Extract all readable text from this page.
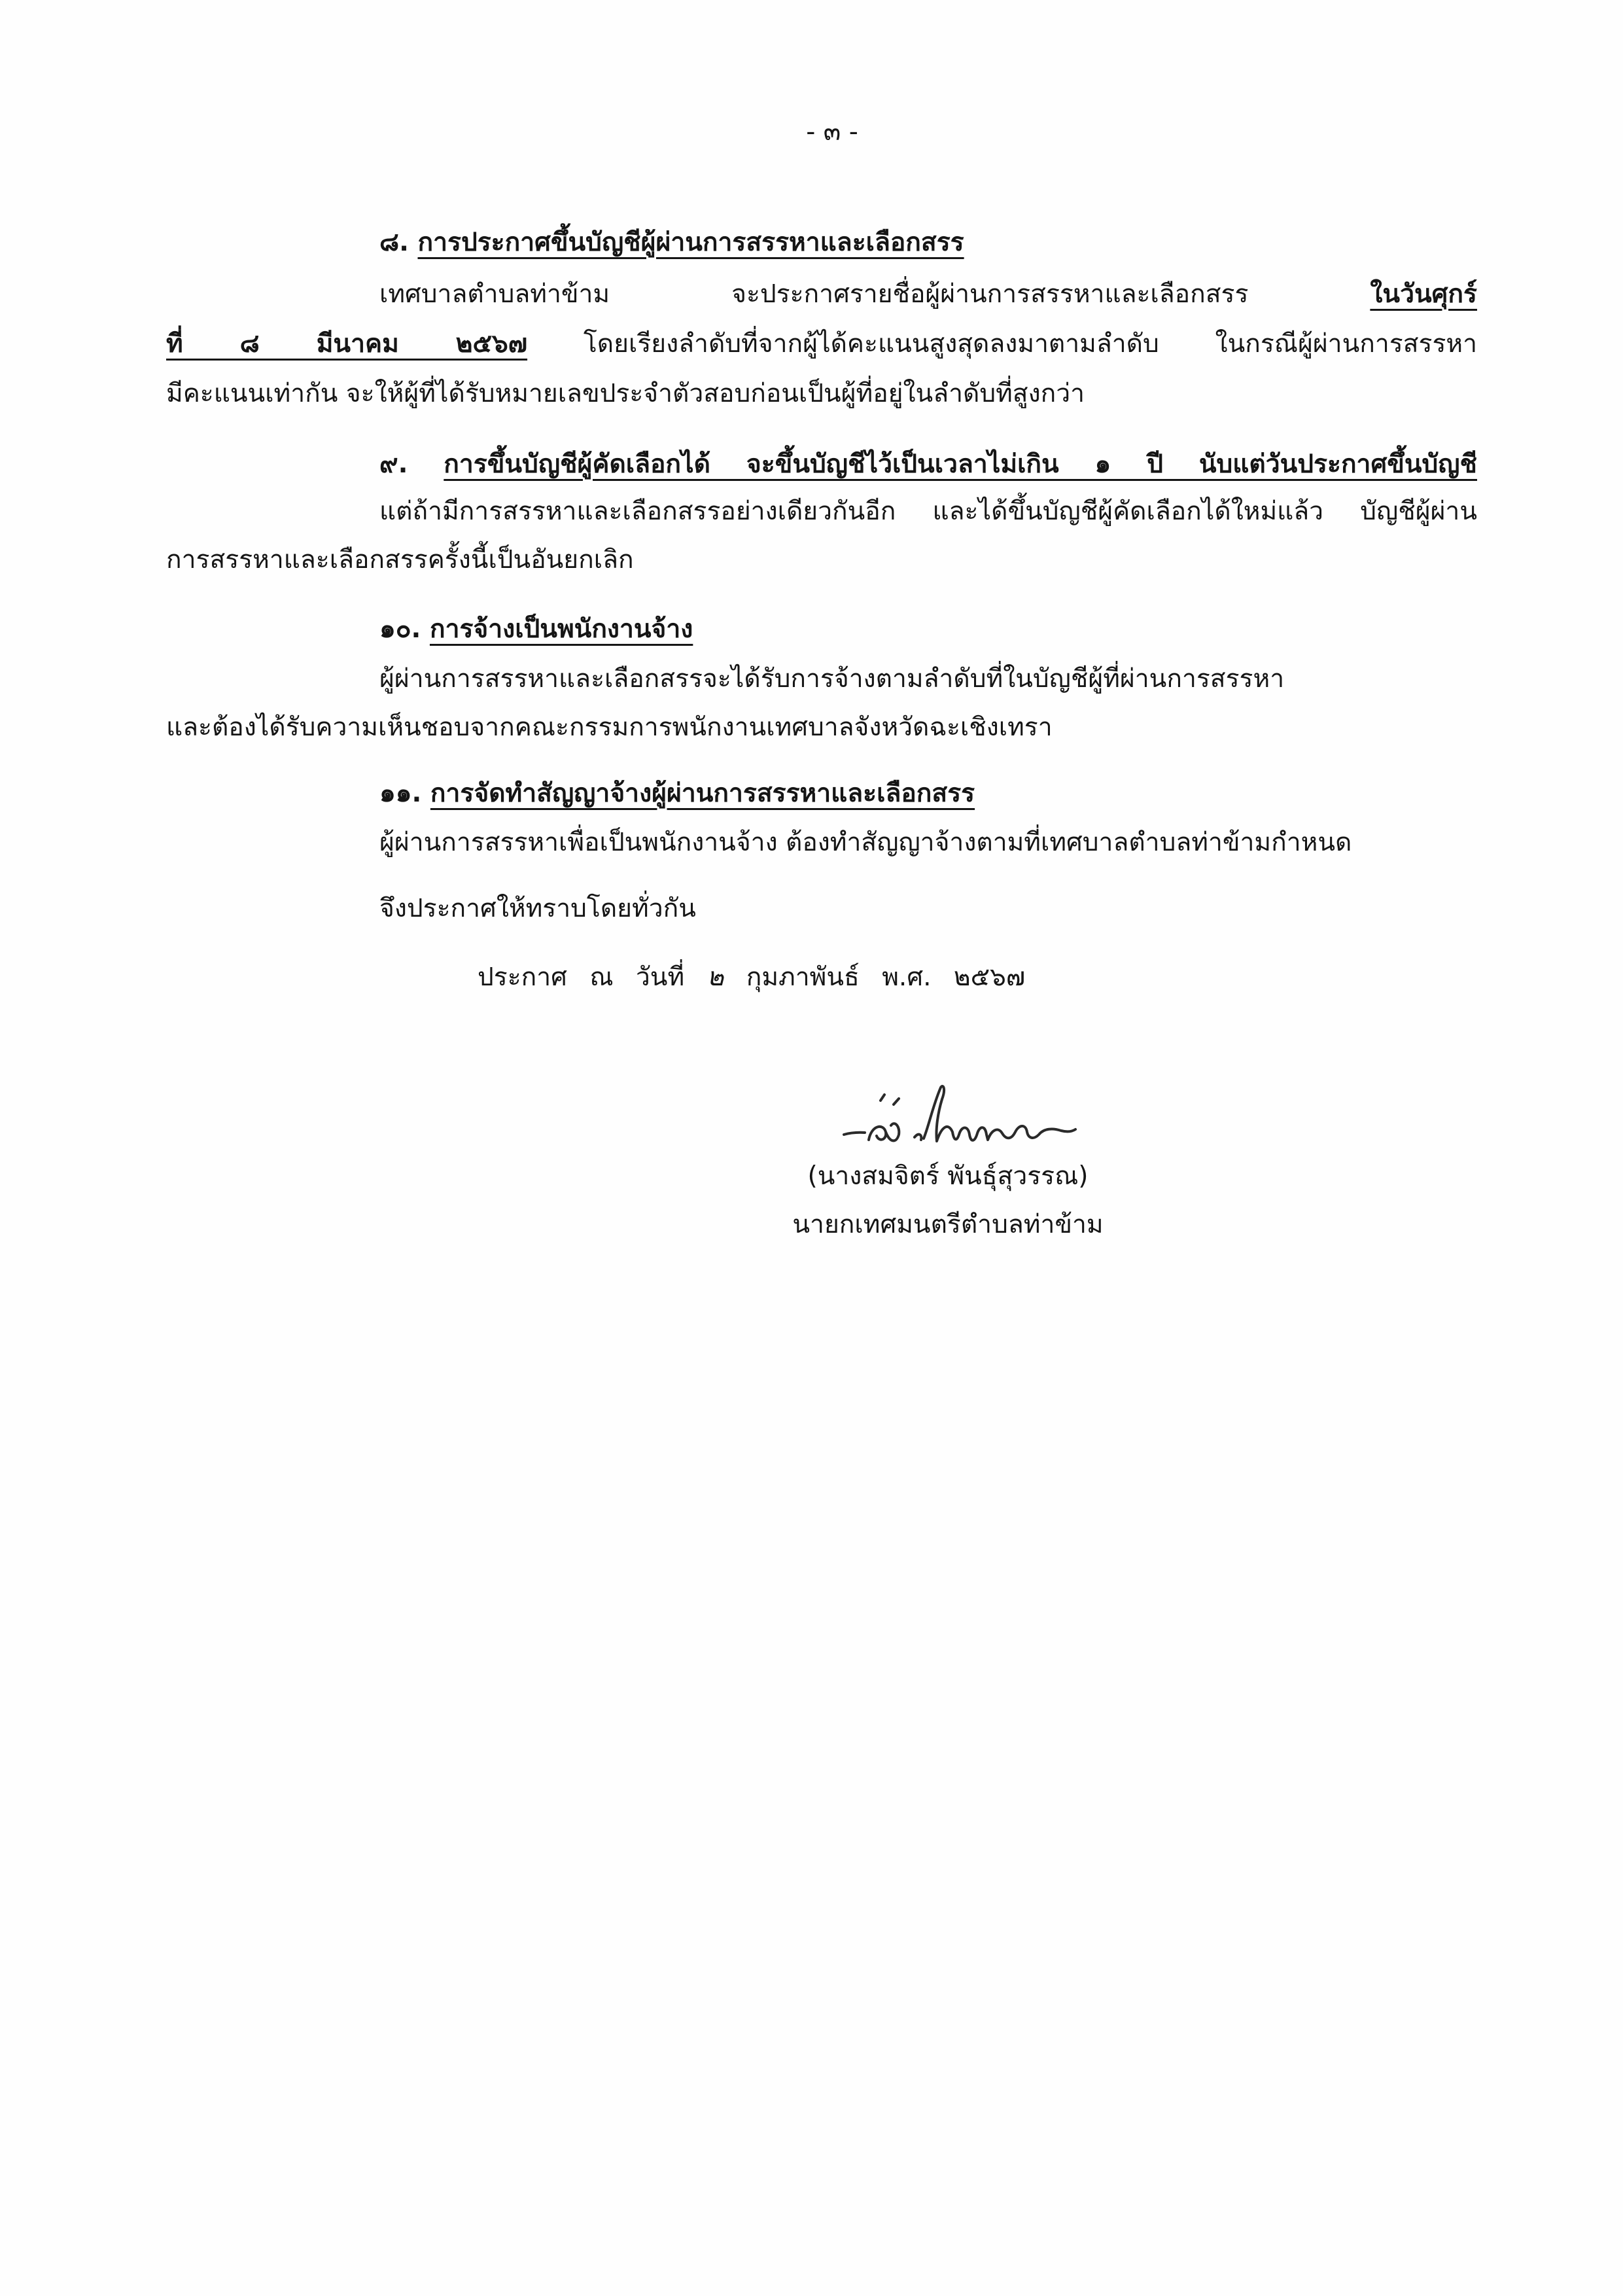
- ๓ -
๘. การประกาศขึ้นบัญชีผู้ผ่านการสรรหาและเลือกสรร
เทศบาลตำบลท่าข้าม จะประกาศรายชื่อผู้ผ่านการสรรหาและเลือกสรร	ในวันศุกร์
ที่ ๘ มีนาคม ๒๕๖๗ โดยเรียงลำดับที่จากผู้ได้คะแนนสูงสุดลงมาตามลำดับ ในกรณีผู้ผ่านการสรรหา
มีคะแนนเท่ากัน จะให้ผู้ที่ได้รับหมายเลขประจำตัวสอบก่อนเป็นผู้ที่อยู่ในลำดับที่สูงกว่า
๙. การขึ้นบัญชีผู้คัดเลือกได้ จะขึ้นบัญชีไว้เป็นเวลาไม่เกิน ๑ ปี นับแต่วันประกาศขึ้นบัญชี
แต่ถ้ามีการสรรหาและเลือกสรรอย่างเดียวกันอีก และได้ขึ้นบัญชีผู้คัดเลือกได้ใหม่แล้ว บัญชีผู้ผ่าน
การสรรหาและเลือกสรรครั้งนี้เป็นอันยกเลิก
๑๐. การจ้างเป็นพนักงานจ้าง
ผู้ผ่านการสรรหาและเลือกสรรจะได้รับการจ้างตามลำดับที่ในบัญชีผู้ที่ผ่านการสรรหา
และต้องได้รับความเห็นชอบจากคณะกรรมการพนักงานเทศบาลจังหวัดฉะเชิงเทรา
๑๑. การจัดทำสัญญาจ้างผู้ผ่านการสรรหาและเลือกสรร
ผู้ผ่านการสรรหาเพื่อเป็นพนักงานจ้าง ต้องทำสัญญาจ้างตามที่เทศบาลตำบลท่าข้ามกำหนด
จึงประกาศให้ทราบโดยทั่วกัน
ประกาศ ณ วันที่ ๒ กุมภาพันธ์ พ.ศ. ๒๕๖๗
(นางสมจิตร์ พันธุ์สุวรรณ)
นายกเทศมนตรีตำบลท่าข้าม
